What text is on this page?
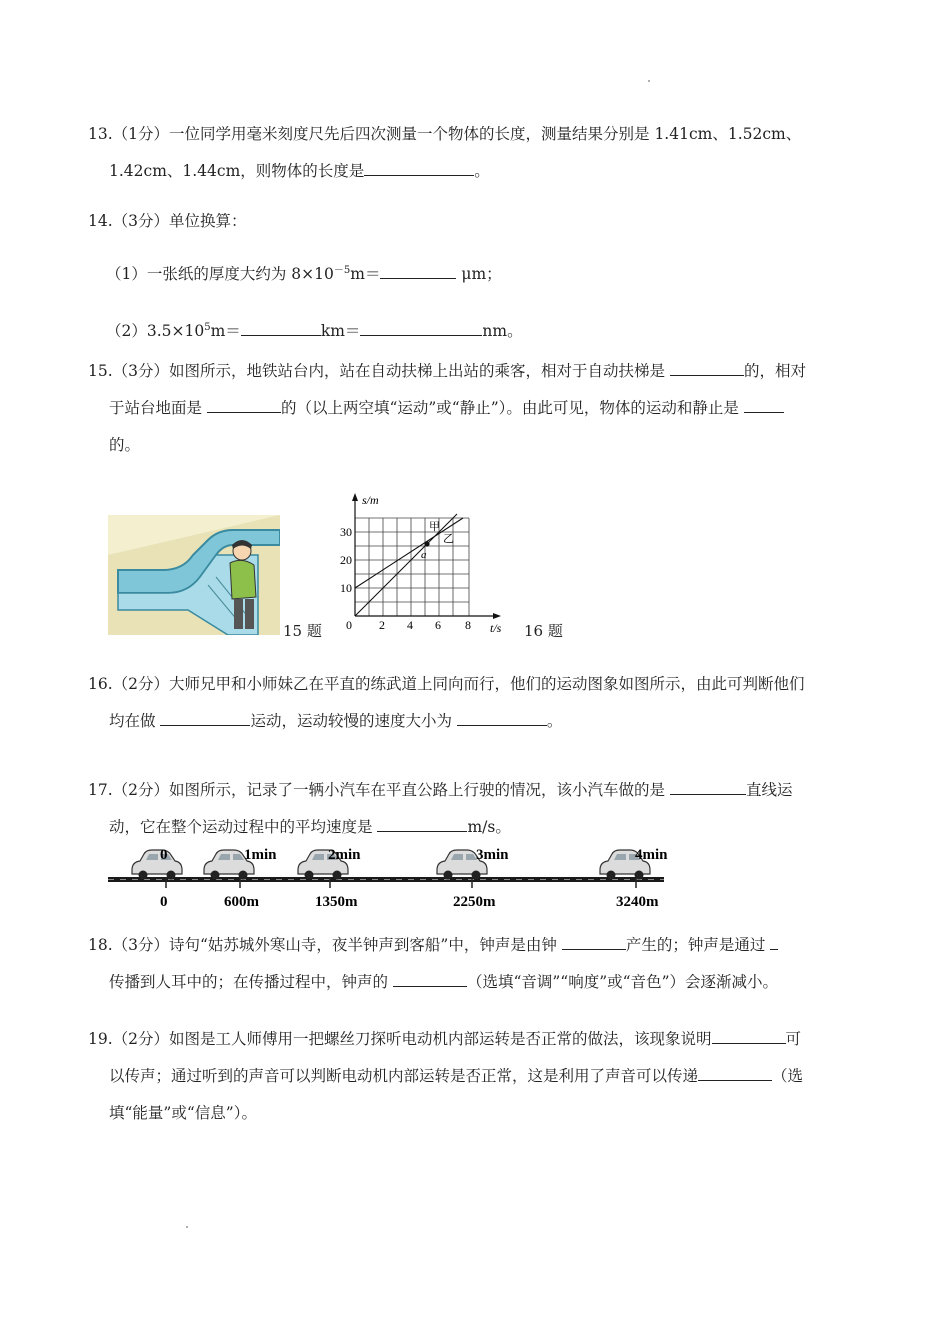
13.（1分）一位同学用毫米刻度尺先后四次测量一个物体的长度，测量结果分别是 1.41cm、1.52cm、

1.42cm、1.44cm，则物体的长度是	。

14.（3分）单位换算：

（1）一张纸的厚度大约为 $8\times 10^{-5}m=$	μm；

$(2)3.5\times 10^5m=$	km＝	nm。

15.（3分）如图所示，地铁站台内，站在自动扶梯上出站的乘客，相对于自动扶梯是	的，相对

于站台地面是	的（以上两空填“运动”或“静止”）。由此可见，物体的运动和静止是

的。

15 题
s/m
t/s
10
20
30
0 2 4 6 8
甲
乙
a
16 题

16.（2分）大师兄甲和小师妹乙在平直的练武道上同向而行，他们的运动图象如图所示，由此可判断他们

均在做	运动，运动较慢的速度大小为	。

17.（2分）如图所示，记录了一辆小汽车在平直公路上行驶的情况，该小汽车做的是	直线运

动，它在整个运动过程中的平均速度是	m/s。

0	1min	2min	3min	4min
0	600m	1350m	2250m	3240m

18.（3分）诗句“姑苏城外寒山寺，夜半钟声到客船”中，钟声是由钟	产生的；钟声是通过

传播到人耳中的；在传播过程中，钟声的	（选填“音调”“响度”或“音色”）会逐渐减小。

19.（2分）如图是工人师傅用一把螺丝刀探听电动机内部运转是否正常的做法，该现象说明	可

以传声；通过听到的声音可以判断电动机内部运转是否正常，这是利用了声音可以传递	（选

填“能量”或“信息”）。
